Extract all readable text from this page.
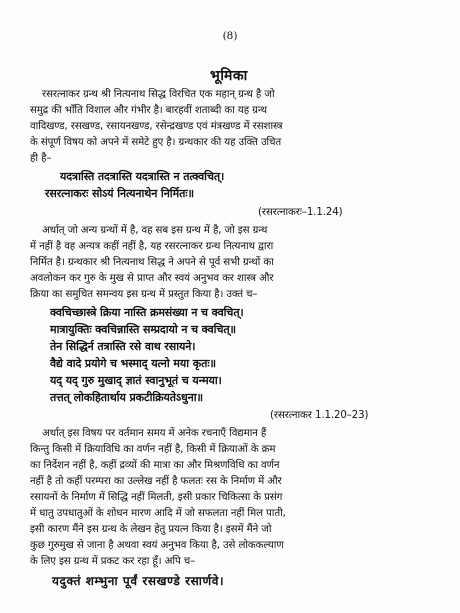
(8)
भूमिका
रसरत्नाकर ग्रन्थ श्री नित्यनाथ सिद्ध विरचित एक महान् ग्रन्थ है जो
समुद्र की भाँति विशाल और गंभीर है। बारहवीं शताब्दी का यह ग्रन्थ
वादिखण्ड, रसखण्ड, रसायनखण्ड, रसेन्द्रखण्ड एवं मंत्रखण्ड में रसशास्त्र
के संपूर्ण विषय को अपने में समेटे हुए है। ग्रन्थकार की यह उक्ति उचित
ही है–
यदत्रास्ति तदत्रास्ति यदत्रास्ति न तत्क्वचित्।
रसरत्नाकरः सोऽयं नित्यनाथेन निर्मितः॥
(रसरत्नाकरः–1.1.24)
अर्थात् जो अन्य ग्रन्थों में है, वह सब इस ग्रन्थ में है, जो इस ग्रन्थ
में नहीं है वह अन्यत्र कहीं नहीं है, यह रसरत्नाकर ग्रन्थ नित्यनाथ द्वारा
निर्मित है। ग्रन्थकार श्री नित्यनाथ सिद्ध ने अपने से पूर्व सभी ग्रन्थों का
अवलोकन कर गुरु के मुख से प्राप्त और स्वयं अनुभव कर शास्त्र और
क्रिया का समुचित समन्वय इस ग्रन्थ में प्रस्तुत किया है। उक्तं च–
क्वचिच्छास्त्रे क्रिया नास्ति क्रमसंख्या न च क्वचित्।
मात्रायुक्तिः क्वचिन्नास्ति सम्प्रदायो न च क्वचित्॥
तेन सिद्धिर्न तत्रास्ति रसे वाथ रसायने।
वैद्ये वादे प्रयोगे च भस्माद् यत्नो मया कृतः॥
यद् यद् गुरु मुखाद् ज्ञातं स्वानुभूतं च यन्मया।
तत्तत् लोकहितार्थाय प्रकटीक्रियतेऽधुना॥
(रसरत्नाकर 1.1.20–23)
अर्थात् इस विषय पर वर्तमान समय में अनेक रचनाएँ विद्यमान हैं
किन्तु किसी में क्रियाविधि का वर्णन नहीं है, किसी में क्रियाओं के क्रम
का निर्देशन नहीं है, कहीं द्रव्यों की मात्रा का और मिश्रणविधि का वर्णन
नहीं है तो कहीं परम्परा का उल्लेख नहीं है फलतः रस के निर्माण में और
रसायनों के निर्माण में सिद्धि नहीं मिलती, इसी प्रकार चिकित्सा के प्रसंग
में धातु उपधातुओं के शोधन मारण आदि में जो सफलता नहीं मिल पाती,
इसी कारण मैंने इस ग्रन्थ के लेखन हेतु प्रयत्न किया है। इसमें मैंने जो
कुछ गुरुमुख से जाना है अथवा स्वयं अनुभव किया है, उसे लोककल्याण
के लिए इस ग्रन्थ में प्रकट कर रहा हूँ। अपि च–
यदुक्तं शम्भुना पूर्वं रसखण्डे रसार्णवे।
